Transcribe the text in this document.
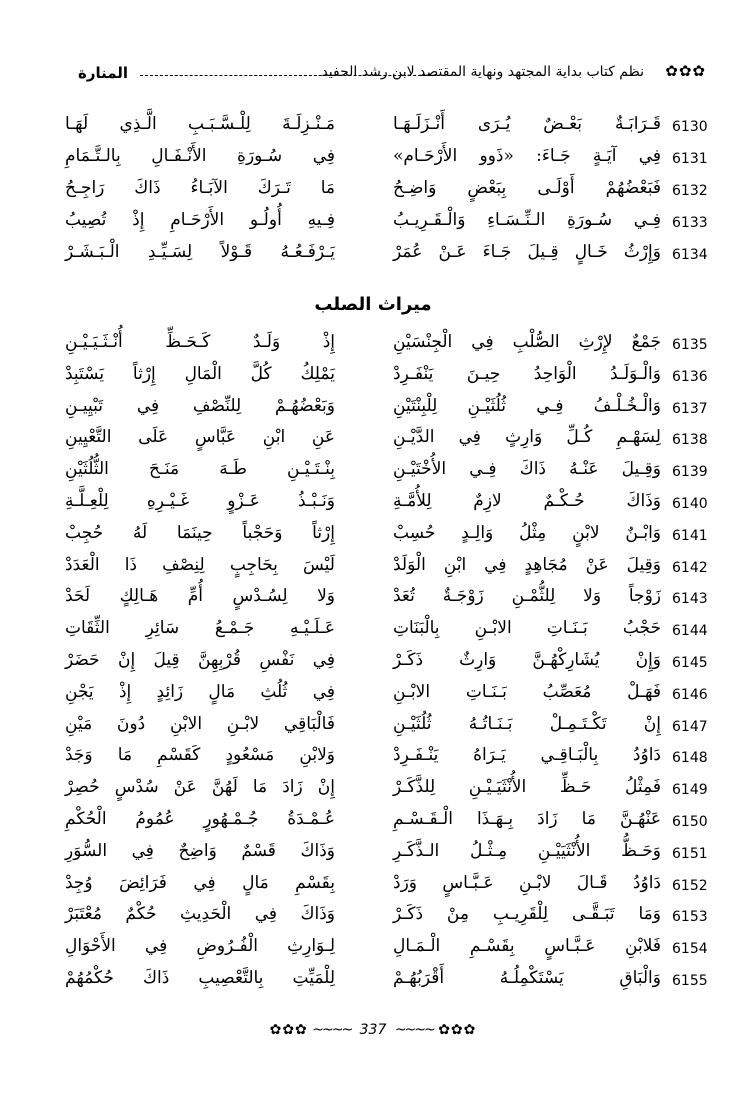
✿✿✿
نظم كتاب بداية المجتهد ونهاية المقتصد لابن رشد الحفيد
المنارة
6130
قَـرَابَـةٌ بَعْـضٌ يُـرَى أَنْـزَلَـهَـا
مَـنْـزِلَـةَ لِلْـسَّـبَـبِ الَّـذِي لَهَـا
6131
فِي آيَـةٍ جَـاءَ: «ذَوو الأَرْحَـام»
فِي سُـورَةِ الأَنْـفَـالِ بِالـتَّـمَامِ
6132
فَبَعْضُهُمْ أَوْلَـى بِبَعْضٍ وَاضِـحُ
مَا تَـرَكَ الآبَـاءُ ذَاكَ رَاجِـحُ
6133
فِـي سُـورَةِ الـنِّـسَـاءِ وَالْـقَـرِيـبُ
فِـيهِ أُولُـو الأَرْحَـامِ إِذْ تُصِيبُ
6134
وَإِرْثُ خَـالٍ قِـيلَ جَـاءَ عَـنْ عُمَرْ
يَـرْفَـعُـهُ قَـوْلاً لِسَـيِّـدِ الْـبَـشَـرْ
ميراث الصلب
6135
جَمْعٌ لإِرْثِ الصُّلْبِ فِي الْجِنْسَيْنِ
إِذْ وَلَـدٌ كَـحَـظِّ أُنْـثَـيَـيْـنِ
6136
وَالْـوَلَـدُ الْوَاحِدُ حِيـنَ يَنْفَـرِدْ
يَمْلِكُ كُلَّ الْمَالِ إِرْثاً يَسْتَبِدْ
6137
وَالْـخُـلْـفُ فِـي ثُلُثَيْـنِ لِلْبِنْتَيْنِ
وَبَعْضُهُـمْ لِلنِّصْفِ فِي تَبْيِيـنِ
6138
لِسَهْـمِ كُـلِّ وَارِثٍ فِي الدَّيْـنِ
عَنِ ابْنِ عَبَّاسٍ عَلَى التَّعْيِينِ
6139
وَقِـيلَ عَنْـهُ ذَاكَ فِـي الأُخْتَيْـنِ
بِنْـتَـيْـنِ طَـهَ مَنَـحَ الثُّلُثَيْنِ
6140
وَذَاكَ حُـكْـمٌ لازِمٌ لِلأُمَّـةِ
وَنَـبْـذُ عَـزْوٍ غَـيْـرِهِ لِلْعِـلَّـةِ
6141
وَابْـنٌ لابْنٍ مِثْلُ وَالِـدٍ حُسِبْ
إِرْثاً وَحَجْباً حِينَمَا لَهُ حُجِبْ
6142
وَقِيلَ عَنْ مُجَاهِدٍ فِي ابْنِ الْوَلَدْ
لَيْسَ بِحَاجِبٍ لِنِصْفِ ذَا الْعَدَدْ
6143
زَوْجاً وَلا لِلثُّمْـنِ زَوْجَـةٌ تُعَدْ
وَلا لِسُـدْسٍ أُمِّ هَـالِكٍ لَحَدْ
6144
حَجْبُ بَـنَـاتِ الابْـنِ بِالْبَنَاتِ
عَـلَـيْـهِ جَـمْـعُ سَائِرِ الثِّقَاتِ
6145
وَإِنْ يُشَارِكْهُـنَّ وَارِثٌ ذَكَـرْ
فِي نَفْسِ قُرْبِهِنَّ قِيلَ إِنْ حَضَرْ
6146
فَهَـلْ مُعَصِّبُ بَـنَـاتِ الابْـنِ
فِي ثُلُثِ مَالٍ زَائِدٍ إِذْ يَجْنِ
6147
إِنْ تَكْـتَـمِـلْ بَـنَـاتُـهُ ثُلُثَيْـنِ
فَالْبَاقِي لابْـنِ الابْنِ دُونَ مَيْنِ
6148
دَاوُدُ بِالْبَـاقِـي يَـرَاهُ يَنْـفَـرِدْ
وَلابْنِ مَسْعُودٍ كَقَسْمِ مَا وَجَدْ
6149
فَمِثْلُ حَـظِّ الأُنْثَيَـيْـنِ لِلذَّكَـرْ
إِنْ زَادَ مَا لَهُنَّ عَنْ سُدْسٍ حُصِرْ
6150
عَنْهُـنَّ مَا زَادَ بِـهَـذَا الْـقَـسْـمِ
عُـمْـدَةُ جُـمْـهُورٍ عُمُومُ الْحُكْمِ
6151
وَحَـظُّ الأُنْثَيَيْـنِ مِـثْـلُ الـذَّكَـرِ
وَذَاكَ قَسْمٌ وَاضِحٌ فِي السُّوَرِ
6152
دَاوُدُ قَـالَ لابْـنِ عَـبَّـاسٍ وَرَدْ
بِقَسْمِ مَالٍ فِي فَرَائِضَ وُجِدْ
6153
وَمَا تَبَـقَّـى لِلْقَرِيـبِ مِنْ ذَكَـرْ
وَذَاكَ فِي الْحَدِيثِ حُكْمٌ مُعْتَبَرْ
6154
فَلابْنِ عَـبَّـاسٍ بِقَسْـمِ الْـمَـالِ
لِـوَارِثِ الْفُـرُوضِ فِي الأَحْوَالِ
6155
وَالْبَاقِ يَسْتَكْمِلُـهُ أَقْرَبُهُـمْ
لِلْمَيِّتِ بِالتَّعْصِيبِ ذَاكَ حُكْمُهُمْ
✿✿✿ ~~~~ 337 ~~~~ ✿✿✿
